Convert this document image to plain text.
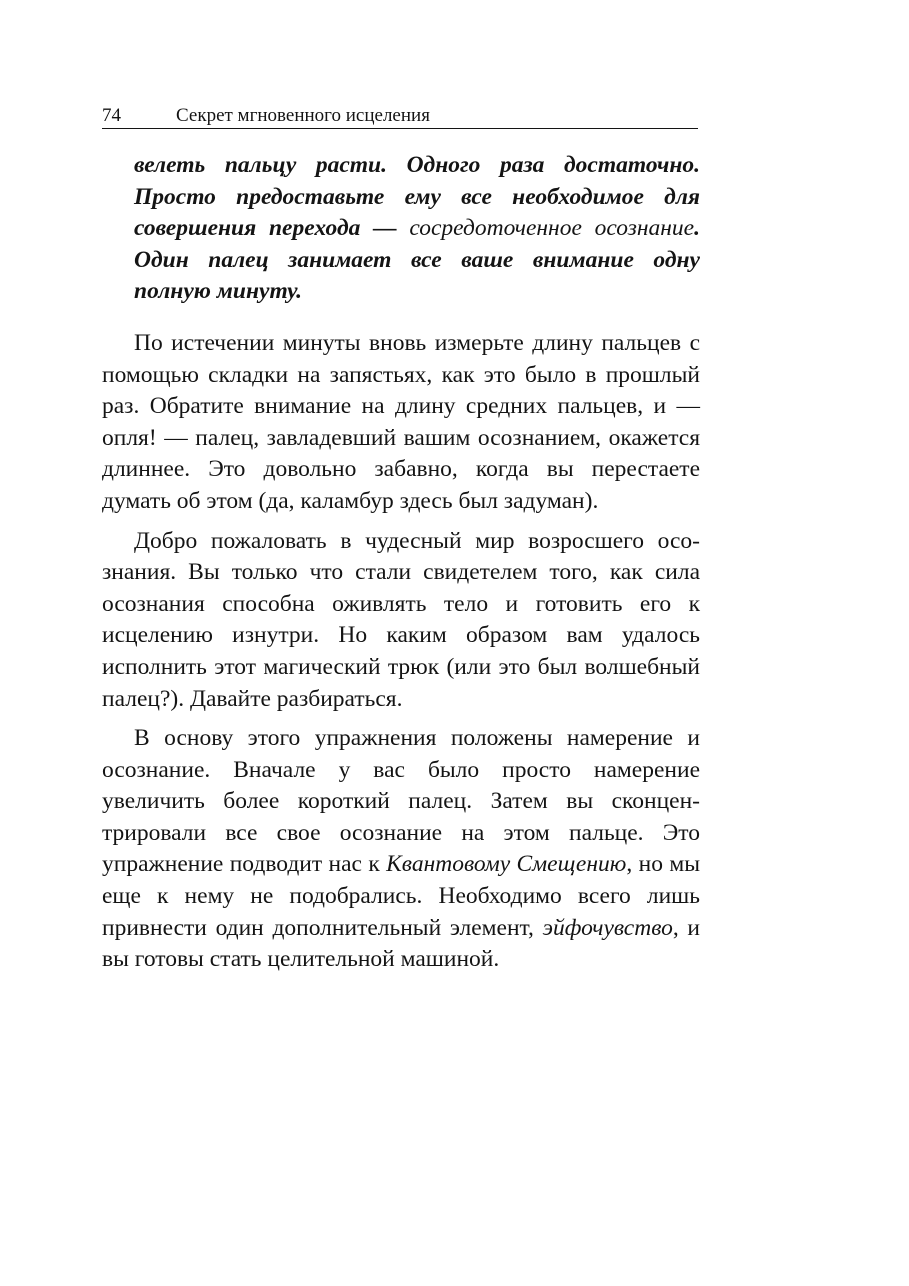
74	Секрет мгновенного исцеления

велеть пальцу расти. Одного раза достаточно. Просто предоставьте ему все необходимое для совершения перехода — сосредоточенное осознание. Один палец занимает все ваше внимание одну полную минуту.

По истечении минуты вновь измерьте длину пальцев с помощью складки на запястьях, как это было в прошлый раз. Обратите внимание на длину средних пальцев, и — опля! — палец, завладевший вашим осознанием, окажется длиннее. Это довольно забавно, когда вы перестаете думать об этом (да, каламбур здесь был задуман).

Добро пожаловать в чудесный мир возросшего осознания. Вы только что стали свидетелем того, как сила осознания способна оживлять тело и готовить его к исцелению изнутри. Но каким образом вам удалось исполнить этот магический трюк (или это был волшебный палец?). Давайте разбираться.

В основу этого упражнения положены намерение и осознание. Вначале у вас было просто намерение увеличить более короткий палец. Затем вы сконцентрировали все свое осознание на этом пальце. Это упражнение подводит нас к Квантовому Смещению, но мы еще к нему не подобрались. Необходимо всего лишь привнести один дополнительный элемент, эйфочувство, и вы готовы стать целительной машиной.
